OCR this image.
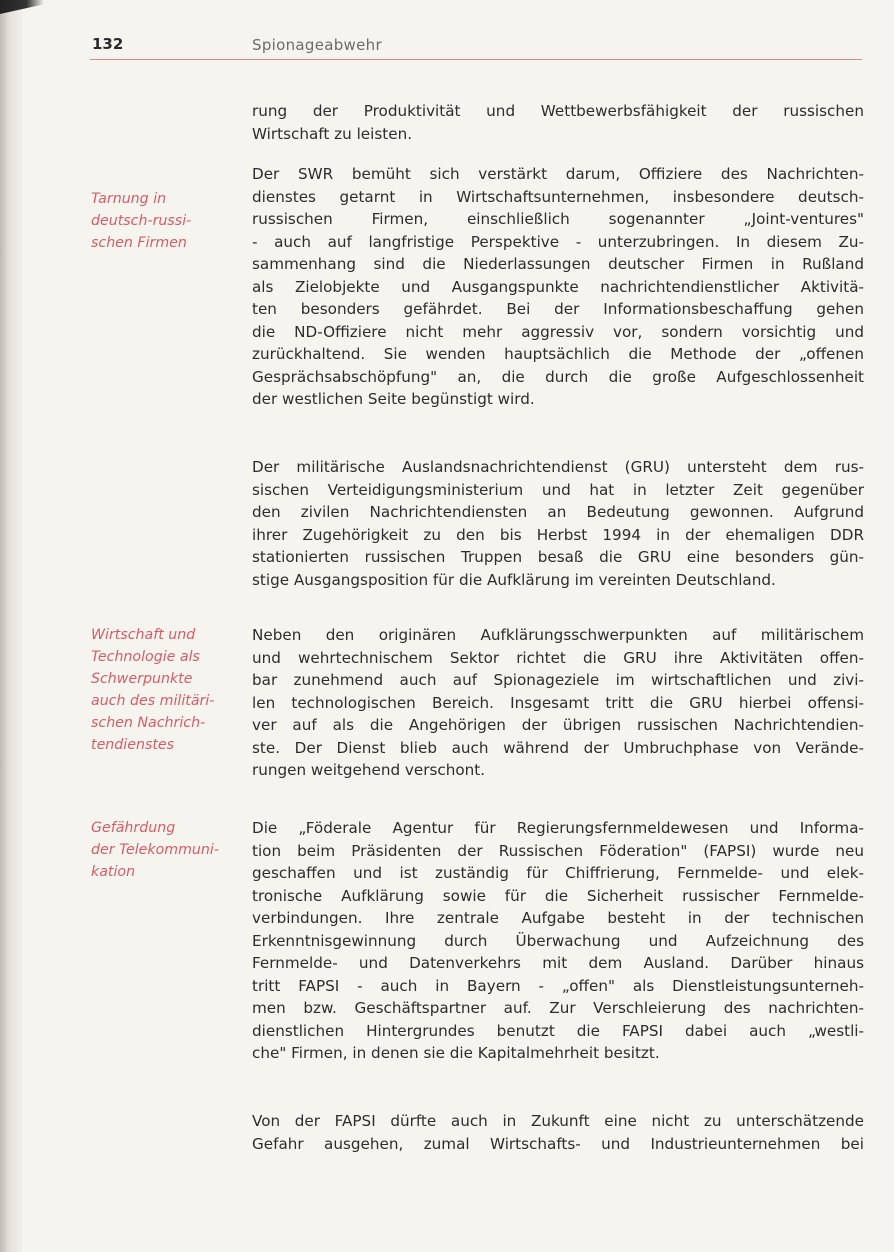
132	Spionageabwehr
Tarnung in
deutsch-russi-
schen Firmen
Wirtschaft und
Technologie als
Schwerpunkte
auch des militäri-
schen Nachrich-
tendienstes
Gefährdung
der Telekommuni-
kation
rung der Produktivität und Wettbewerbsfähigkeit der russischen
Wirtschaft zu leisten.
Der SWR bemüht sich verstärkt darum, Offiziere des Nachrichten-
dienstes getarnt in Wirtschaftsunternehmen, insbesondere deutsch-
russischen Firmen, einschließlich sogenannter „Joint-ventures"
- auch auf langfristige Perspektive - unterzubringen. In diesem Zu-
sammenhang sind die Niederlassungen deutscher Firmen in Rußland
als Zielobjekte und Ausgangspunkte nachrichtendienstlicher Aktivitä-
ten besonders gefährdet. Bei der Informationsbeschaffung gehen
die ND-Offiziere nicht mehr aggressiv vor, sondern vorsichtig und
zurückhaltend. Sie wenden hauptsächlich die Methode der „offenen
Gesprächsabschöpfung" an, die durch die große Aufgeschlossenheit
der westlichen Seite begünstigt wird.
Der militärische Auslandsnachrichtendienst (GRU) untersteht dem rus-
sischen Verteidigungsministerium und hat in letzter Zeit gegenüber
den zivilen Nachrichtendiensten an Bedeutung gewonnen. Aufgrund
ihrer Zugehörigkeit zu den bis Herbst 1994 in der ehemaligen DDR
stationierten russischen Truppen besaß die GRU eine besonders gün-
stige Ausgangsposition für die Aufklärung im vereinten Deutschland.
Neben den originären Aufklärungsschwerpunkten auf militärischem
und wehrtechnischem Sektor richtet die GRU ihre Aktivitäten offen-
bar zunehmend auch auf Spionageziele im wirtschaftlichen und zivi-
len technologischen Bereich. Insgesamt tritt die GRU hierbei offensi-
ver auf als die Angehörigen der übrigen russischen Nachrichtendien-
ste. Der Dienst blieb auch während der Umbruchphase von Verände-
rungen weitgehend verschont.
Die „Föderale Agentur für Regierungsfernmeldewesen und Informa-
tion beim Präsidenten der Russischen Föderation" (FAPSI) wurde neu
geschaffen und ist zuständig für Chiffrierung, Fernmelde- und elek-
tronische Aufklärung sowie für die Sicherheit russischer Fernmelde-
verbindungen. Ihre zentrale Aufgabe besteht in der technischen
Erkenntnisgewinnung durch Überwachung und Aufzeichnung des
Fernmelde- und Datenverkehrs mit dem Ausland. Darüber hinaus
tritt FAPSI - auch in Bayern - „offen" als Dienstleistungsunterneh-
men bzw. Geschäftspartner auf. Zur Verschleierung des nachrichten-
dienstlichen Hintergrundes benutzt die FAPSI dabei auch „westli-
che" Firmen, in denen sie die Kapitalmehrheit besitzt.
Von der FAPSI dürfte auch in Zukunft eine nicht zu unterschätzende
Gefahr ausgehen, zumal Wirtschafts- und Industrieunternehmen bei
